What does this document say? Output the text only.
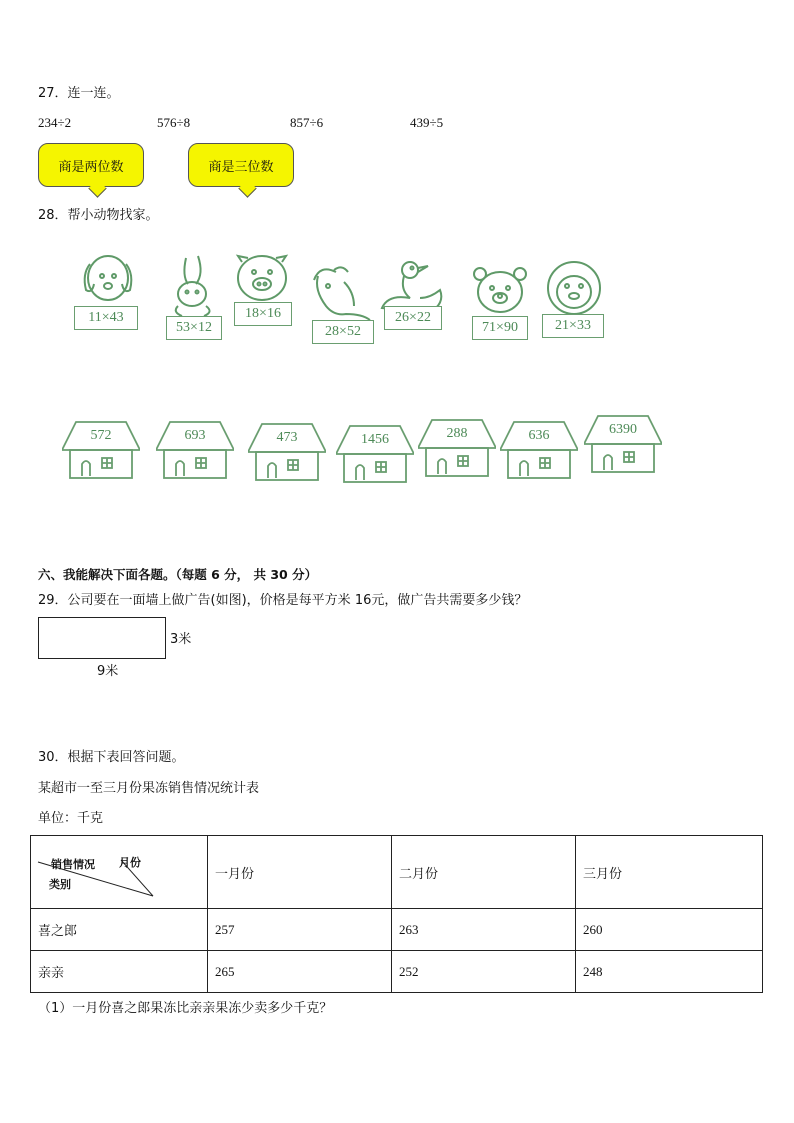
27．连一连。
234÷2	576÷8	857÷6	439÷5
商是两位数	商是三位数
28．帮小动物找家。
11×43
53×12
18×16
28×52
26×22
71×90	21×33
572	693	473	1456	288	636	6390
六、我能解决下面各题。（每题 6 分， 共 30 分）
29．公司要在一面墙上做广告(如图)，价格是每平方米 16元，做广告共需要多少钱？
3米
9米
30．根据下表回答问题。
某超市一至三月份果冻销售情况统计表
单位：千克
销售情况 月份
类别	一月份	二月份	三月份
喜之郎	257	263	260
亲亲	265	252	248
（1）一月份喜之郎果冻比亲亲果冻少卖多少千克？
